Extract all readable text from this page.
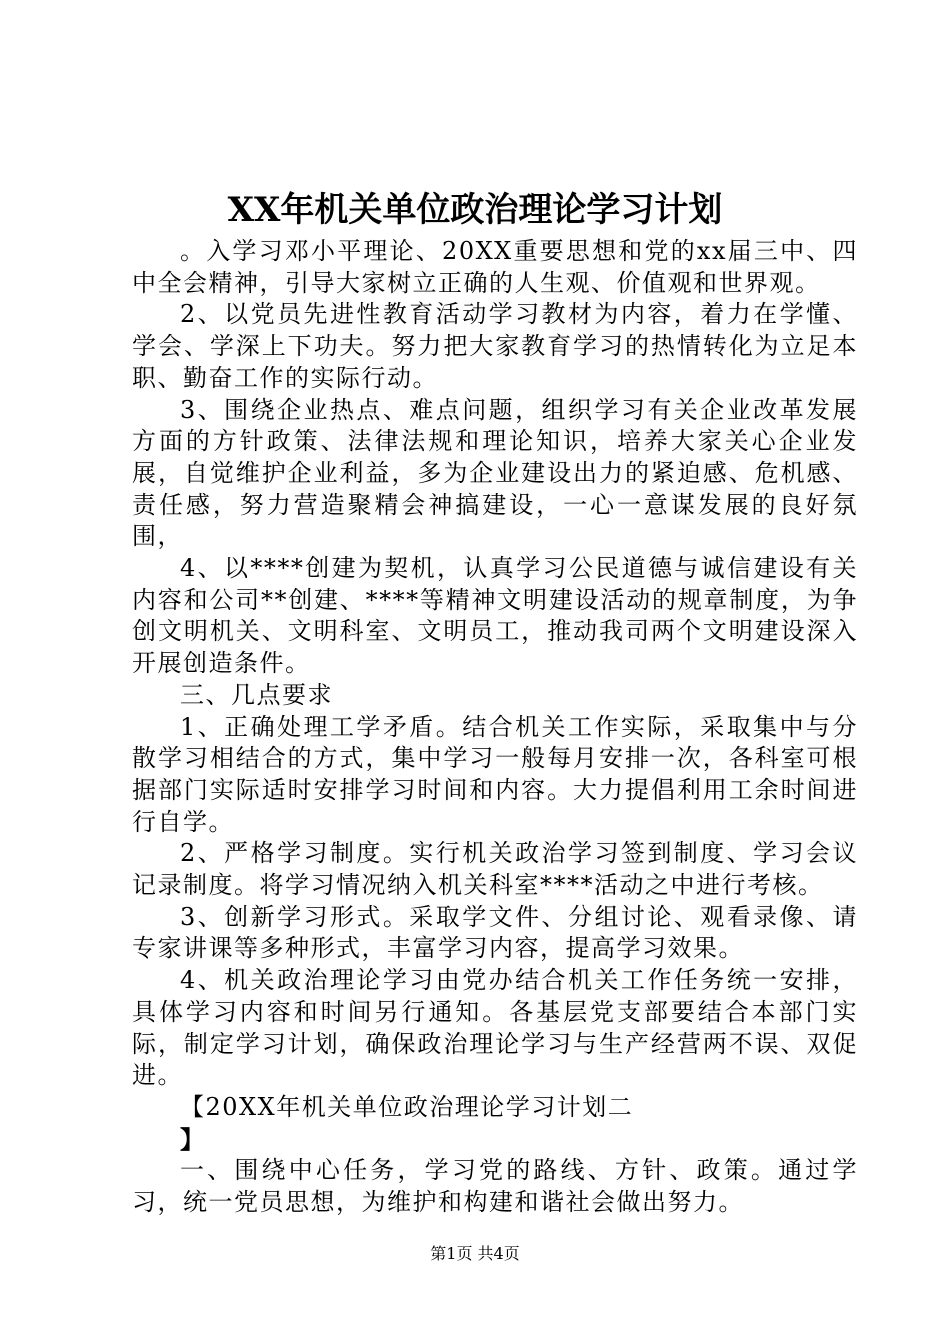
XX年机关单位政治理论学习计划

。入学习邓小平理论、20XX重要思想和党的xx届三中、四中全会精神，引导大家树立正确的人生观、价值观和世界观。

2、以党员先进性教育活动学习教材为内容，着力在学懂、学会、学深上下功夫。努力把大家教育学习的热情转化为立足本职、勤奋工作的实际行动。

3、围绕企业热点、难点问题，组织学习有关企业改革发展方面的方针政策、法律法规和理论知识，培养大家关心企业发展，自觉维护企业利益，多为企业建设出力的紧迫感、危机感、责任感，努力营造聚精会神搞建设，一心一意谋发展的良好氛围，

4、以****创建为契机，认真学习公民道德与诚信建设有关内容和公司**创建、****等精神文明建设活动的规章制度，为争创文明机关、文明科室、文明员工，推动我司两个文明建设深入开展创造条件。

三、几点要求

1、正确处理工学矛盾。结合机关工作实际，采取集中与分散学习相结合的方式，集中学习一般每月安排一次，各科室可根据部门实际适时安排学习时间和内容。大力提倡利用工余时间进行自学。

2、严格学习制度。实行机关政治学习签到制度、学习会议记录制度。将学习情况纳入机关科室****活动之中进行考核。

3、创新学习形式。采取学文件、分组讨论、观看录像、请专家讲课等多种形式，丰富学习内容，提高学习效果。

4、机关政治理论学习由党办结合机关工作任务统一安排，具体学习内容和时间另行通知。各基层党支部要结合本部门实际，制定学习计划，确保政治理论学习与生产经营两不误、双促进。

【20XX年机关单位政治理论学习计划二

】

一、围绕中心任务，学习党的路线、方针、政策。通过学习，统一党员思想，为维护和构建和谐社会做出努力。

第1页 共4页
